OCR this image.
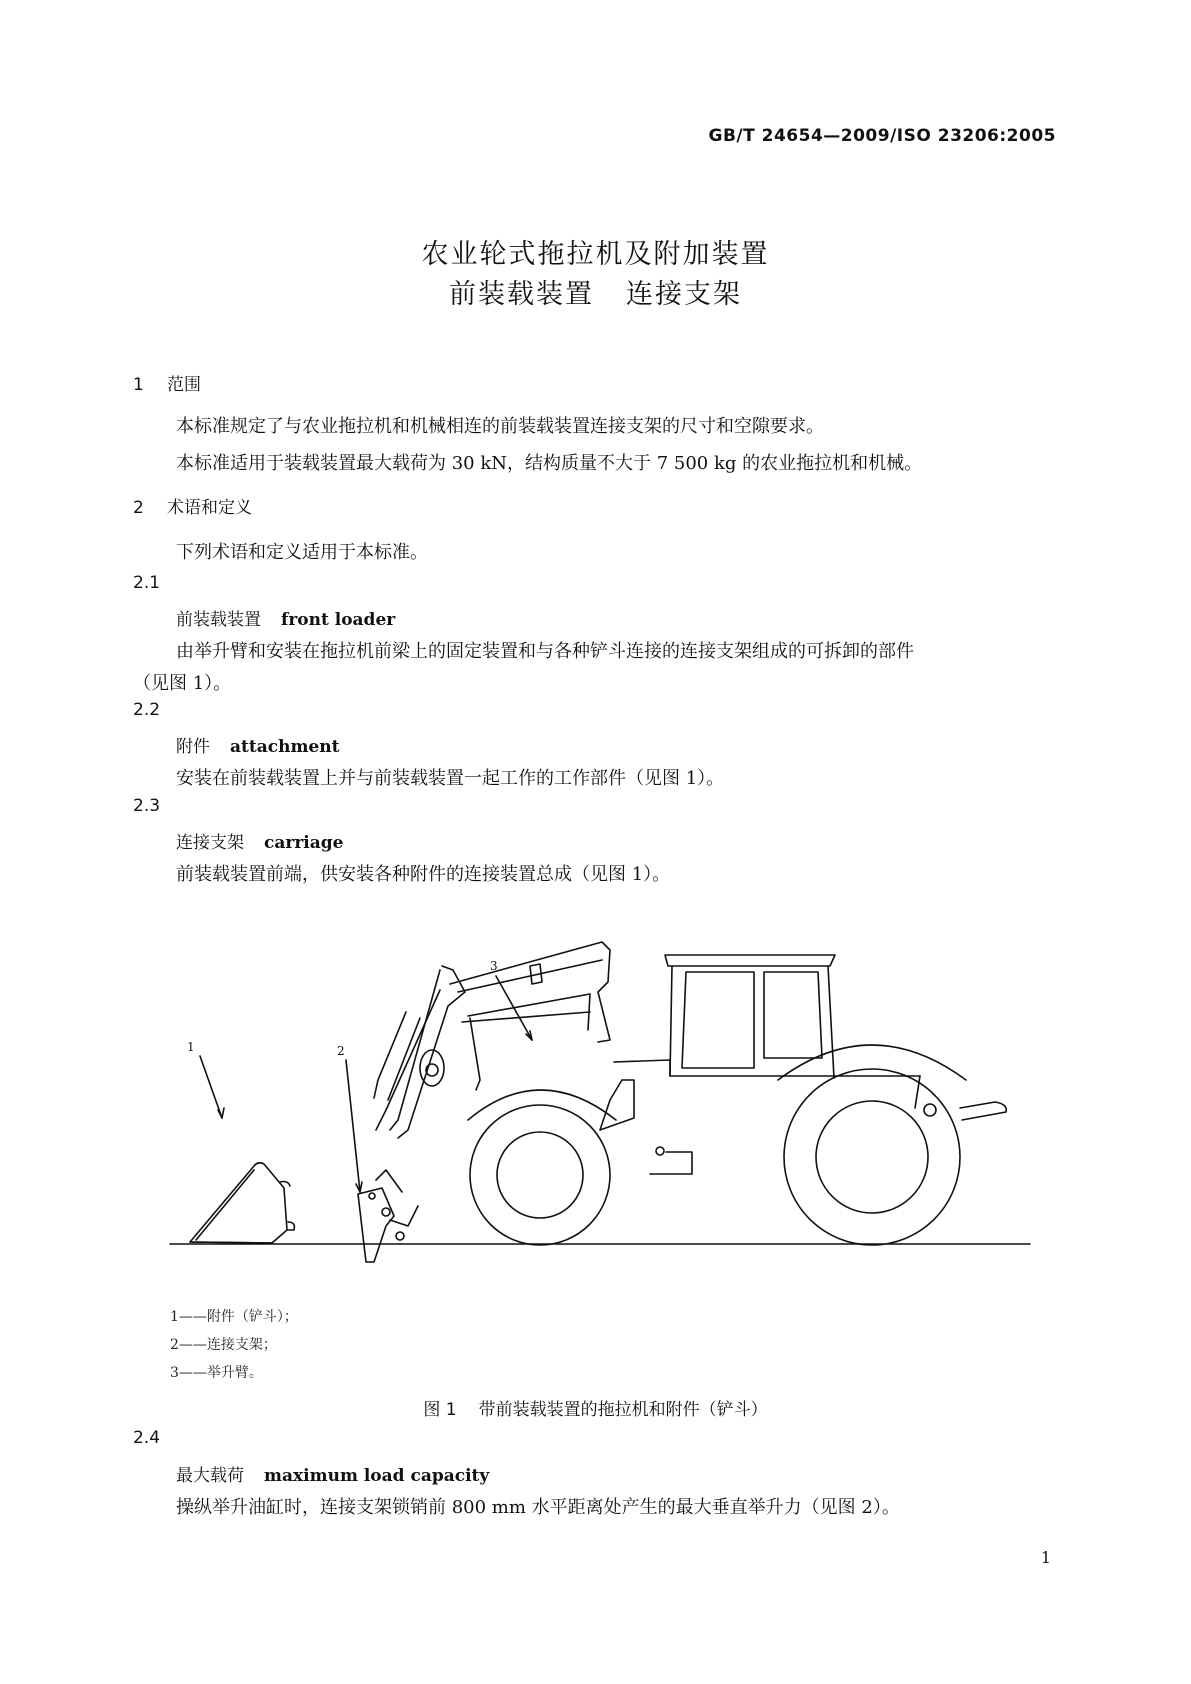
GB/T 24654—2009/ISO 23206:2005
农业轮式拖拉机及附加装置
前装载装置 连接支架
1 范围
本标准规定了与农业拖拉机和机械相连的前装载装置连接支架的尺寸和空隙要求。
本标准适用于装载装置最大载荷为 30 kN，结构质量不大于 7 500 kg 的农业拖拉机和机械。
2 术语和定义
下列术语和定义适用于本标准。
2.1
前装载装置 front loader
由举升臂和安装在拖拉机前梁上的固定装置和与各种铲斗连接的连接支架组成的可拆卸的部件
（见图 1）。
2.2
附件 attachment
安装在前装载装置上并与前装载装置一起工作的工作部件（见图 1）。
2.3
连接支架 carriage
前装载装置前端，供安装各种附件的连接装置总成（见图 1）。
1	2
3
1——附件（铲斗）；
2——连接支架；
3——举升臂。
图 1 带前装载装置的拖拉机和附件（铲斗）
2.4
最大载荷 maximum load capacity
操纵举升油缸时，连接支架锁销前 800 mm 水平距离处产生的最大垂直举升力（见图 2）。
1
